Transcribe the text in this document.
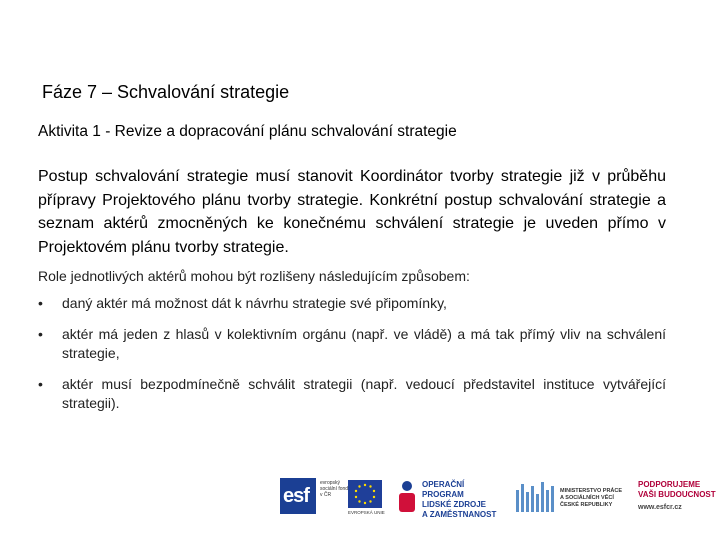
Fáze 7 – Schvalování strategie

Aktivita 1 - Revize a dopracování plánu schvalování strategie

Postup schvalování strategie musí stanovit Koordinátor tvorby strategie již v průběhu přípravy Projektového plánu tvorby strategie. Konkrétní postup schvalování strategie a seznam aktérů zmocněných ke konečnému schválení strategie je uveden přímo v Projektovém plánu tvorby strategie.

Role jednotlivých aktérů mohou být rozlišeny následujícím způsobem:

• daný aktér má možnost dát k návrhu strategie své připomínky,
• aktér má jeden z hlasů v kolektivním orgánu (např. ve vládě) a má tak přímý vliv na schválení strategie,
• aktér musí bezpodmínečně schválit strategii (např. vedoucí představitel instituce vytvářející strategii).
esf
evropský sociální fond v ČR
EVROPSKÁ UNIE
OPERAČNÍ PROGRAM
LIDSKÉ ZDROJE
A ZAMĚSTNANOST
MINISTERSTVO PRÁCE
A SOCIÁLNÍCH VĚCÍ
ČESKÉ REPUBLIKY
PODPORUJEME
VAŠI BUDOUCNOST
www.esfcr.cz
